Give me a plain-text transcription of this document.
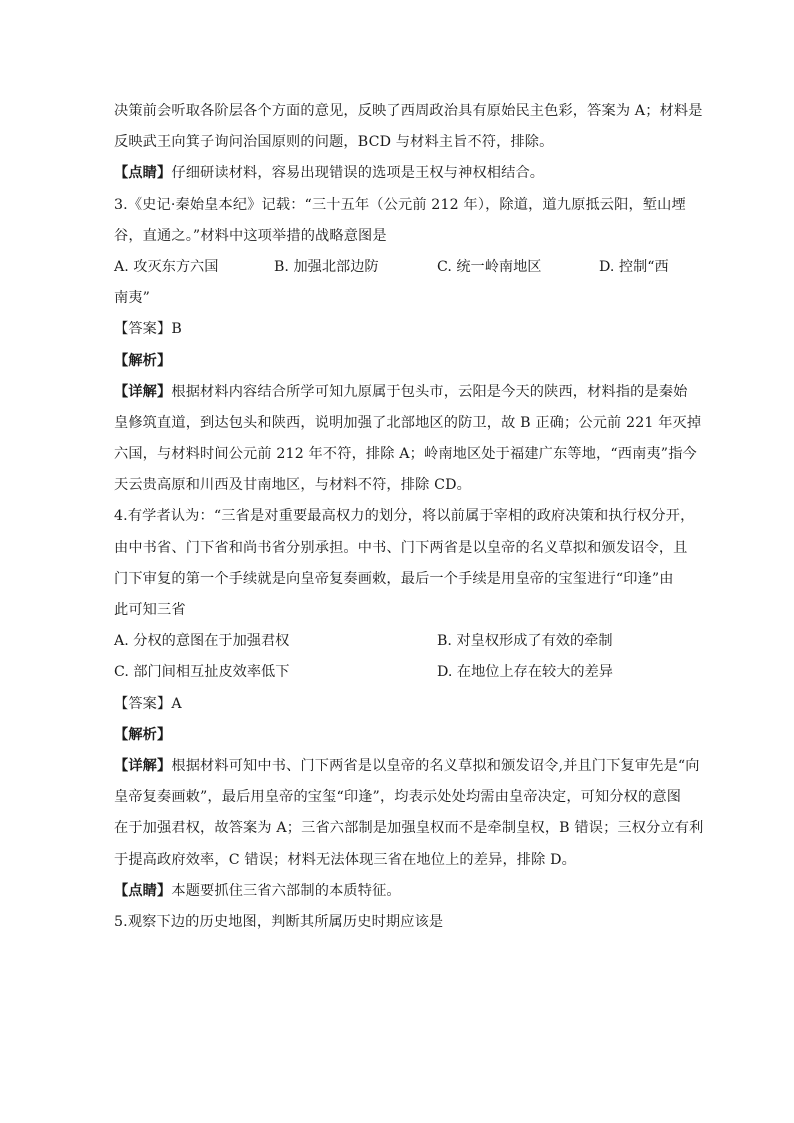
决策前会听取各阶层各个方面的意见，反映了西周政治具有原始民主色彩，答案为 A；材料是
反映武王向箕子询问治国原则的问题，BCD 与材料主旨不符，排除。
【点睛】仔细研读材料，容易出现错误的选项是王权与神权相结合。
3.《史记·秦始皇本纪》记载：“三十五年（公元前 212 年），除道，道九原抵云阳，堑山堙
谷，直通之。”材料中这项举措的战略意图是
A. 攻灭东方六国	B. 加强北部边防	C. 统一岭南地区	D. 控制“西
南夷”
【答案】B
【解析】
【详解】根据材料内容结合所学可知九原属于包头市，云阳是今天的陕西，材料指的是秦始
皇修筑直道，到达包头和陕西，说明加强了北部地区的防卫，故 B 正确；公元前 221 年灭掉
六国，与材料时间公元前 212 年不符，排除 A；岭南地区处于福建广东等地，“西南夷”指今
天云贵高原和川西及甘南地区，与材料不符，排除 CD。
4.有学者认为：“三省是对重要最高权力的划分，将以前属于宰相的政府决策和执行权分开，
由中书省、门下省和尚书省分别承担。中书、门下两省是以皇帝的名义草拟和颁发诏令，且
门下审复的第一个手续就是向皇帝复奏画敕，最后一个手续是用皇帝的宝玺进行“印逢”由
此可知三省
A. 分权的意图在于加强君权	B. 对皇权形成了有效的牵制
C. 部门间相互扯皮效率低下	D. 在地位上存在较大的差异
【答案】A
【解析】
【详解】根据材料可知中书、门下两省是以皇帝的名义草拟和颁发诏令,并且门下复审先是“向
皇帝复奏画敕”，最后用皇帝的宝玺“印逢”，均表示处处均需由皇帝决定，可知分权的意图
在于加强君权，故答案为 A；三省六部制是加强皇权而不是牵制皇权，B 错误；三权分立有利
于提高政府效率，C 错误；材料无法体现三省在地位上的差异，排除 D。
【点睛】本题要抓住三省六部制的本质特征。
5.观察下边的历史地图，判断其所属历史时期应该是
